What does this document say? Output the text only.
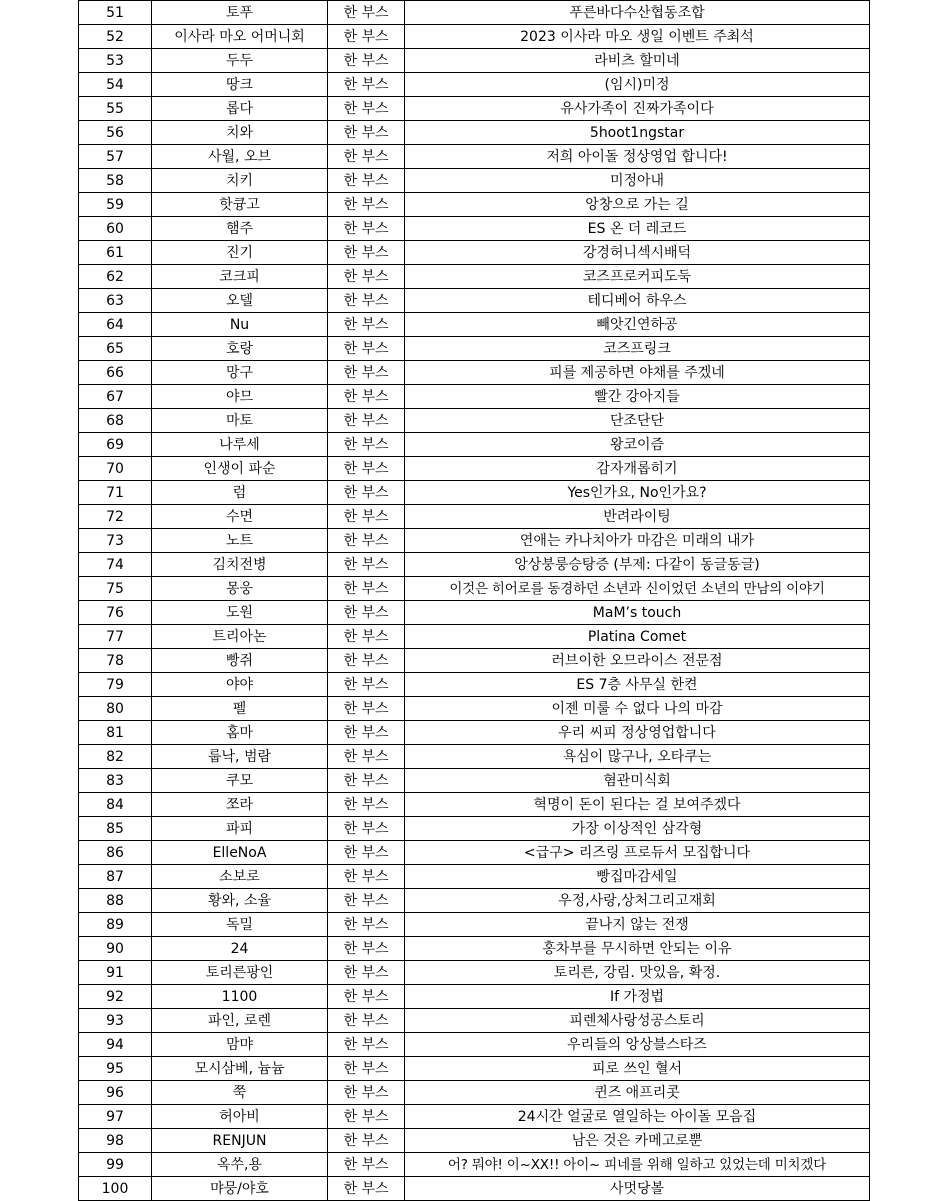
51	토푸	한 부스	푸른바다수산협동조합
52	이사라 마오 어머니회	한 부스	2023 이사라 마오 생일 이벤트 주최석
53	두두	한 부스	라비츠 할미네
54	땅크	한 부스	(임시)미정
55	롭다	한 부스	유사가족이 진짜가족이다
56	치와	한 부스	5hoot1ngstar
57	사월, 오브	한 부스	저희 아이돌 정상영업 합니다!
58	치키	한 부스	미정아내
59	핫큥고	한 부스	앙창으로 가는 길
60	햄주	한 부스	ES 온 더 레코드
61	진기	한 부스	강경허니섹시배덕
62	코크피	한 부스	코즈프로커피도둑
63	오델	한 부스	테디베어 하우스
64	Nu	한 부스	빼앗긴연하공
65	호랑	한 부스	코즈프링크
66	망구	한 부스	피를 제공하면 야채를 주겠네
67	야므	한 부스	빨간 강아지들
68	마토	한 부스	단조단단
69	나루세	한 부스	왕코이즘
70	인생이 파순	한 부스	감자개롭히기
71	럼	한 부스	Yes인가요, No인가요?
72	수면	한 부스	반려라이팅
73	노트	한 부스	연애는 카나치아가 마감은 미래의 내가
74	김치전병	한 부스	앙상붕룽승탕증 (부제: 다같이 동글동글)
75	몽웅	한 부스	이것은 히어로를 동경하던 소년과 신이었던 소년의 만남의 이야기
76	도원	한 부스	MaM’s touch
77	트리아논	한 부스	Platina Comet
78	빵쥐	한 부스	러브이한 오므라이스 전문점
79	야야	한 부스	ES 7층 사무실 한켠
80	펠	한 부스	이젠 미룰 수 없다 나의 마감
81	홈마	한 부스	우리 씨피 정상영업합니다
82	룹낙, 범람	한 부스	욕심이 많구나, 오타쿠는
83	쿠모	한 부스	혐관미식회
84	쪼라	한 부스	혁명이 돈이 된다는 걸 보여주겠다
85	파피	한 부스	가장 이상적인 삼각형
86	ElleNoA	한 부스	<급구> 리즈링 프로듀서 모집합니다
87	소보로	한 부스	빵집마감세일
88	황와, 소율	한 부스	우정,사랑,상처그리고재회
89	독밀	한 부스	끝나지 않는 전쟁
90	24	한 부스	홍차부를 무시하면 안되는 이유
91	토리른팡인	한 부스	토리른, 강림. 맛있음, 확정.
92	1100	한 부스	If 가정법
93	파인, 로렌	한 부스	피렌체사랑성공스토리
94	맘먀	한 부스	우리들의 앙상블스타즈
95	모시삼베, 늄늄	한 부스	피로 쓰인 혈서
96	쭉	한 부스	퀸즈 애프리콧
97	허아비	한 부스	24시간 얼굴로 열일하는 아이돌 모음집
98	RENJUN	한 부스	남은 것은 카메고로뿐
99	옥쑤,용	한 부스	어? 뭐야! 이~XX!! 아이~ 피네를 위해 일하고 있었는데 미치겠다
100	먀뭉/야호	한 부스	사멋당볼
